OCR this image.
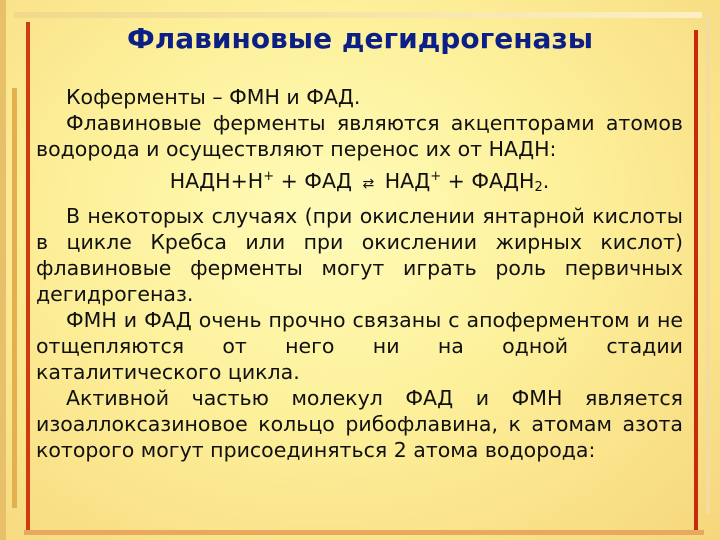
Флавиновые дегидрогеназы

Коферменты – ФМН и ФАД.

Флавиновые ферменты являются акцепторами атомов водорода и осуществляют перенос их от НАДН:

НАДН+Н+ + ФАД ⇄ $НАД^+ + ФАДН_2$.

В некоторых случаях (при окислении янтарной кислоты в цикле Кребса или при окислении жирных кислот) флавиновые ферменты могут играть роль первичных дегидрогеназ.

ФМН и ФАД очень прочно связаны с апоферментом и не отщепляются от него ни на одной стадии каталитического цикла.

Активной частью молекул ФАД и ФМН является изоаллоксазиновое кольцо рибофлавина, к атомам азота которого могут присоединяться 2 атома водорода:
